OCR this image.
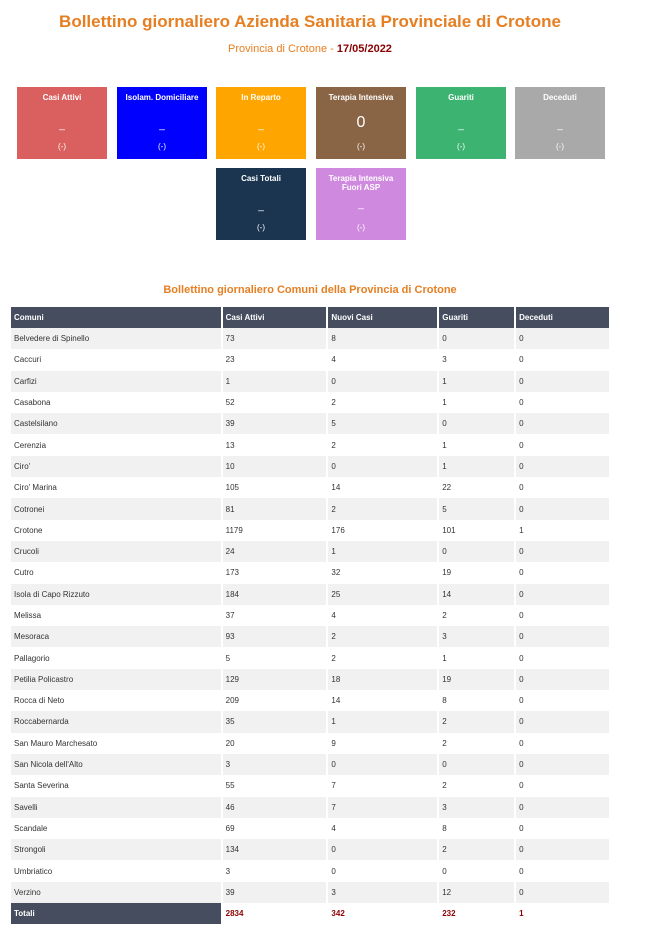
Bollettino giornaliero Azienda Sanitaria Provinciale di Crotone
Provincia di Crotone - 17/05/2022
Casi Attivi
_
(-)
Isolam. Domiciliare
_
(-)
In Reparto
_
(-)
Terapia Intensiva
0
(-)
Guariti
_
(-)
Deceduti
_
(-)
Casi Totali
_
(-)
Terapia Intensiva Fuori ASP
_
(-)
Bollettino giornaliero Comuni della Provincia di Crotone
Comuni	Casi Attivi	Nuovi Casi	Guariti	Deceduti
Belvedere di Spinello	73	8	0	0
Caccuri	23	4	3	0
Carfizi	1	0	1	0
Casabona	52	2	1	0
Castelsilano	39	5	0	0
Cerenzia	13	2	1	0
Ciro'	10	0	1	0
Ciro' Marina	105	14	22	0
Cotronei	81	2	5	0
Crotone	1179	176	101	1
Crucoli	24	1	0	0
Cutro	173	32	19	0
Isola di Capo Rizzuto	184	25	14	0
Melissa	37	4	2	0
Mesoraca	93	2	3	0
Pallagorio	5	2	1	0
Petilia Policastro	129	18	19	0
Rocca di Neto	209	14	8	0
Roccabernarda	35	1	2	0
San Mauro Marchesato	20	9	2	0
San Nicola dell'Alto	3	0	0	0
Santa Severina	55	7	2	0
Savelli	46	7	3	0
Scandale	69	4	8	0
Strongoli	134	0	2	0
Umbriatico	3	0	0	0
Verzino	39	3	12	0
Totali	2834	342	232	1
